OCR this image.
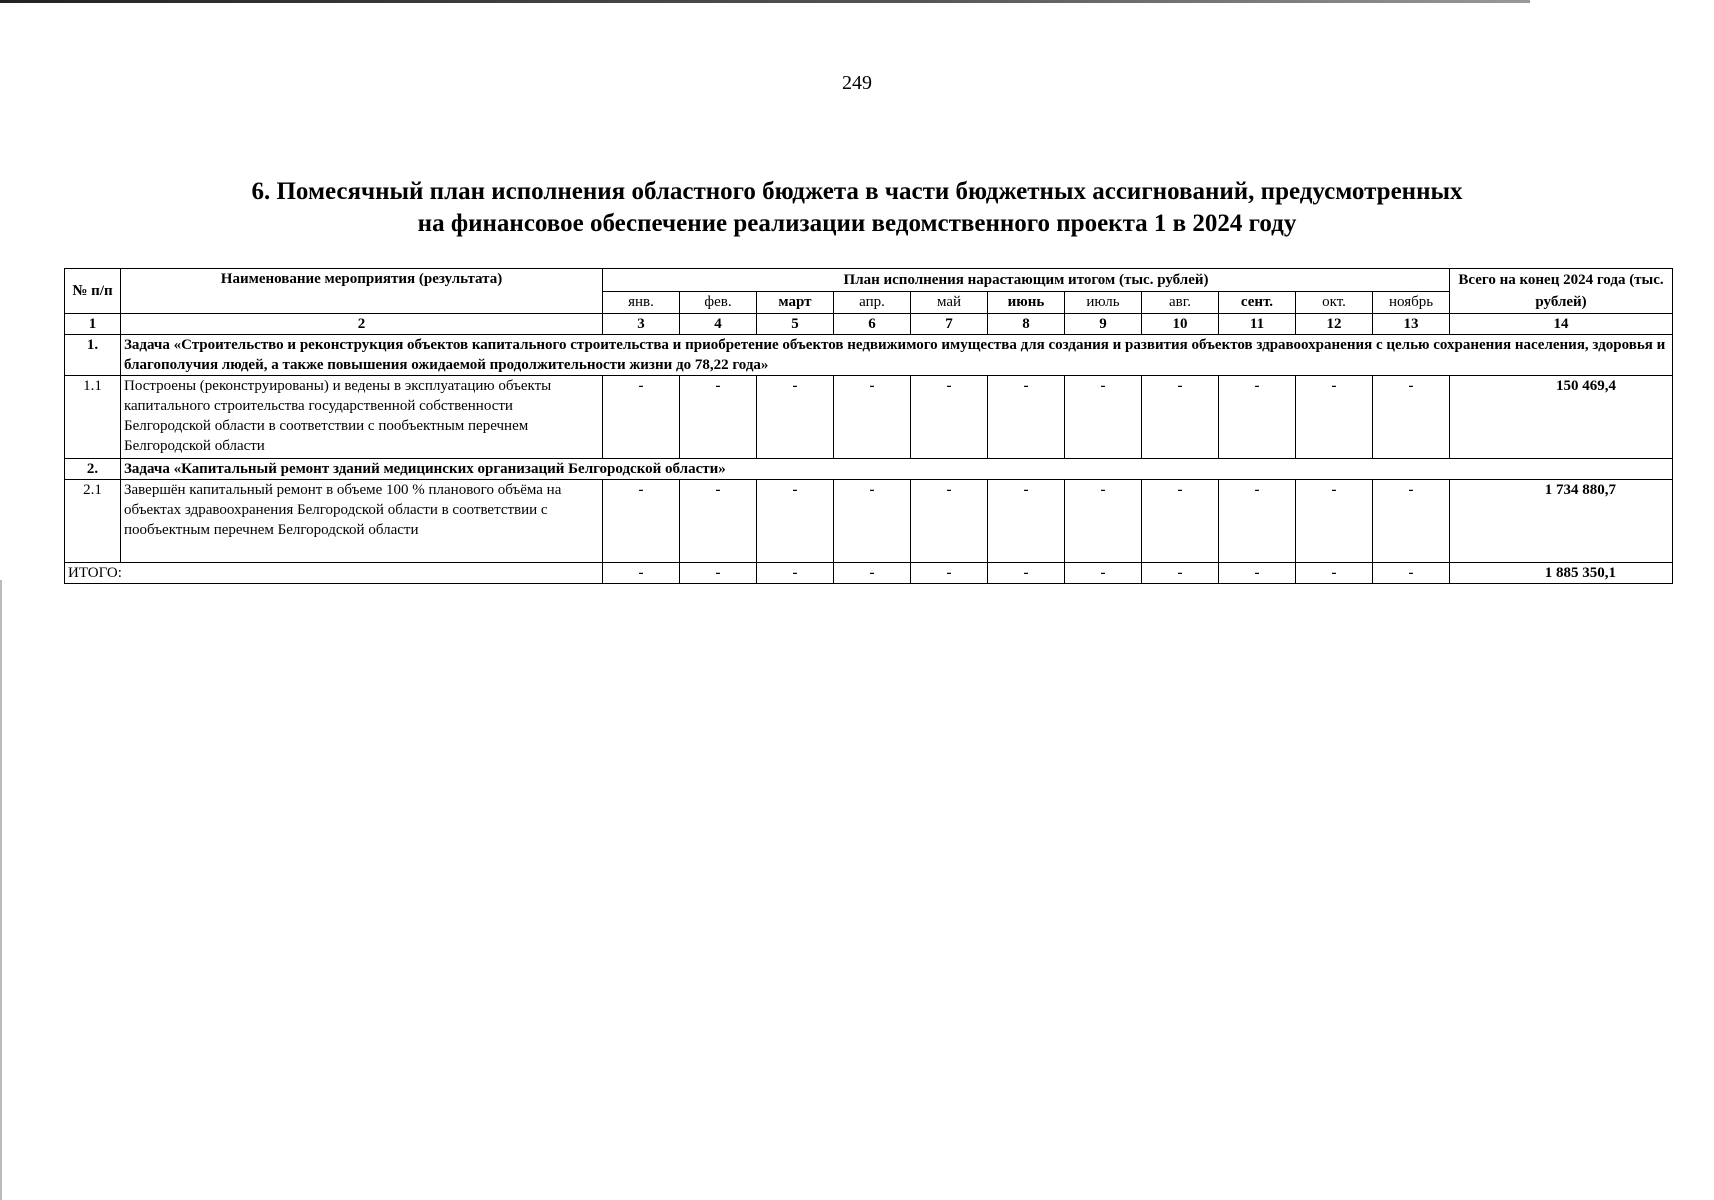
249
6. Помесячный план исполнения областного бюджета в части бюджетных ассигнований, предусмотренных
на финансовое обеспечение реализации ведомственного проекта 1 в 2024 году
№ п/п	Наименование мероприятия (результата)	План исполнения нарастающим итогом (тыс. рублей)											Всего на конец 2024 года (тыс. рублей)
		янв.	фев.	март	апр.	май	июнь	июль	авг.	сент.	окт.	ноябрь	
1	2	3	4	5	6	7	8	9	10	11	12	13	14
1.	Задача «Строительство и реконструкция объектов капитального строительства и приобретение объектов недвижимого имущества для создания и развития объектов здравоохранения с целью сохранения населения, здоровья и благополучия людей, а также повышения ожидаемой продолжительности жизни до 78,22 года»												
1.1	Построены (реконструированы) и ведены в эксплуатацию объекты капитального строительства государственной собственности Белгородской области в соответствии с пообъектным перечнем Белгородской области	-	-	-	-	-	-	-	-	-	-	-	150 469,4
2.	Задача «Капитальный ремонт зданий медицинских организаций Белгородской области»												
2.1	Завершён капитальный ремонт в объеме 100 % планового объёма на объектах здравоохранения Белгородской области в соответствии с пообъектным перечнем Белгородской области	-	-	-	-	-	-	-	-	-	-	-	1 734 880,7
ИТОГО:		-	-	-	-	-	-	-	-	-	-	-	1 885 350,1
